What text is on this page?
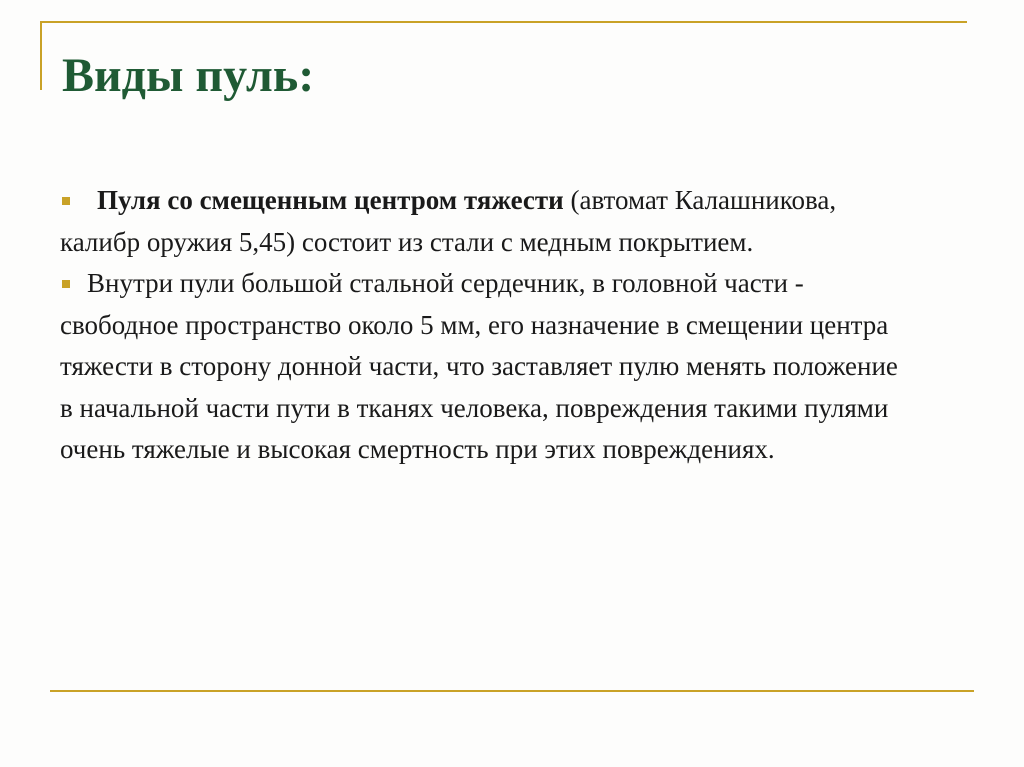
Виды пуль:

Пуля со смещенным центром тяжести (автомат Калашникова, калибр оружия 5,45) состоит из стали с медным покрытием.

Внутри пули большой стальной сердечник, в головной части - свободное пространство около 5 мм, его назначение в смещении центра тяжести в сторону донной части, что заставляет пулю менять положение в начальной части пути в тканях человека, повреждения такими пулями очень тяжелые и высокая смертность при этих повреждениях.
